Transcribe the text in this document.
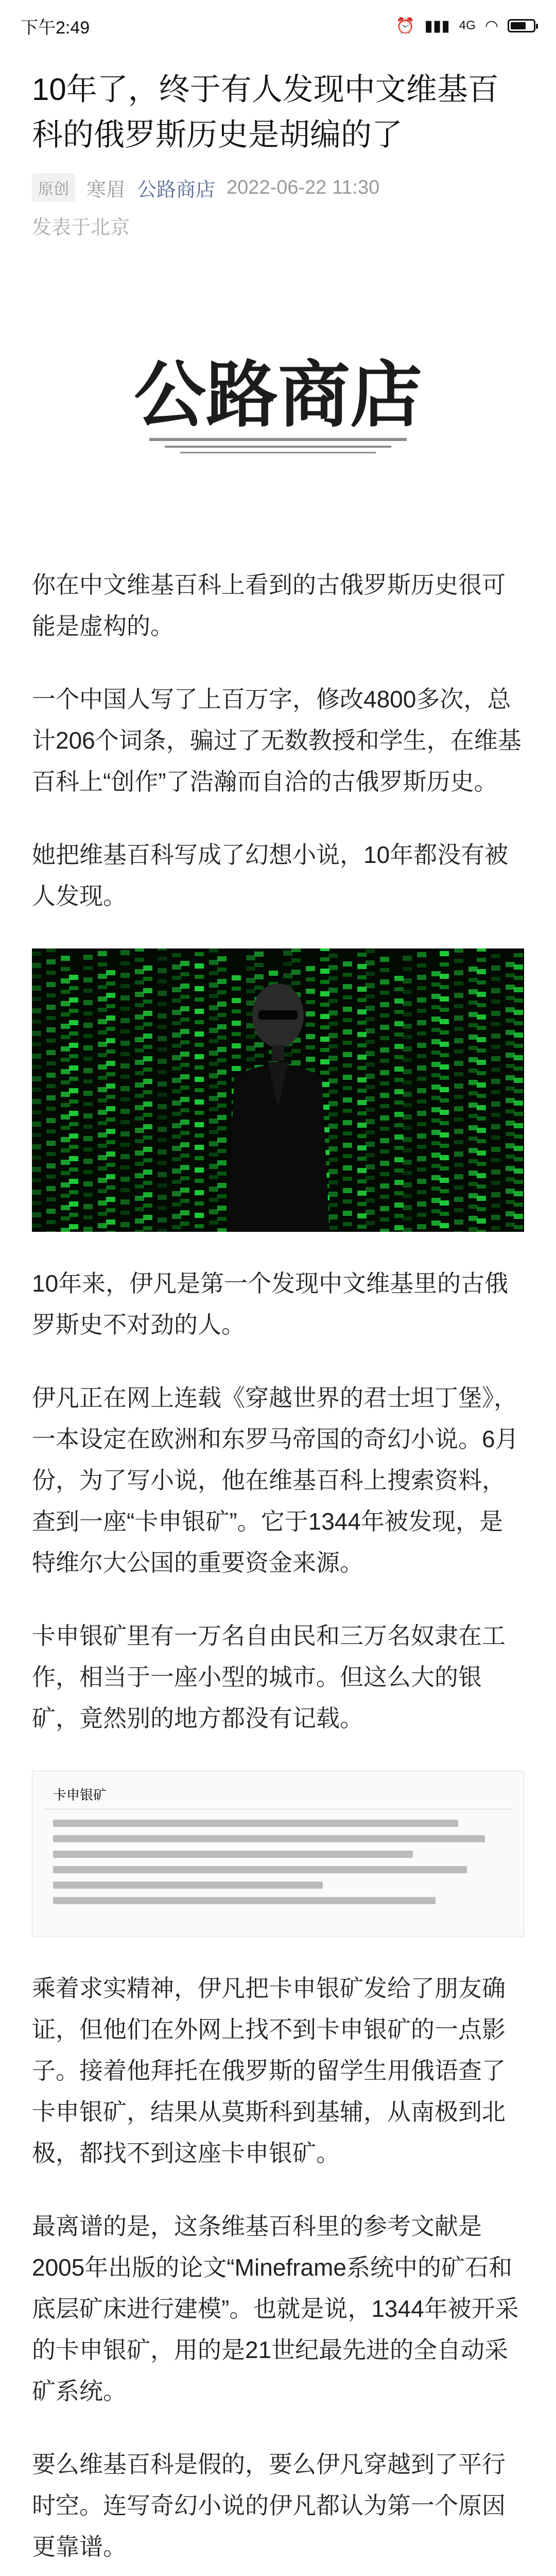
下午2:49	⏰ ▮▮▮ 4G ◠
10年了，终于有人发现中文维基百科的俄罗斯历史是胡编的了
原创 寒眉 公路商店 2022-06-22 11:30
发表于北京
公路商店

你在中文维基百科上看到的古俄罗斯历史很可能是虚构的。

一个中国人写了上百万字，修改4800多次，总计206个词条，骗过了无数教授和学生，在维基百科上“创作”了浩瀚而自洽的古俄罗斯历史。

她把维基百科写成了幻想小说，10年都没有被人发现。

10年来，伊凡是第一个发现中文维基里的古俄罗斯史不对劲的人。

伊凡正在网上连载《穿越世界的君士坦丁堡》，一本设定在欧洲和东罗马帝国的奇幻小说。6月份，为了写小说，他在维基百科上搜索资料，查到一座“卡申银矿”。它于1344年被发现，是特维尔大公国的重要资金来源。

卡申银矿里有一万名自由民和三万名奴隶在工作，相当于一座小型的城市。但这么大的银矿，竟然别的地方都没有记载。

卡申银矿

乘着求实精神，伊凡把卡申银矿发给了朋友确证，但他们在外网上找不到卡申银矿的一点影子。接着他拜托在俄罗斯的留学生用俄语查了卡申银矿，结果从莫斯科到基辅，从南极到北极，都找不到这座卡申银矿。

最离谱的是，这条维基百科里的参考文献是2005年出版的论文“Mineframe系统中的矿石和底层矿床进行建模”。也就是说，1344年被开采的卡申银矿，用的是21世纪最先进的全自动采矿系统。

要么维基百科是假的，要么伊凡穿越到了平行时空。连写奇幻小说的伊凡都认为第一个原因更靠谱。
